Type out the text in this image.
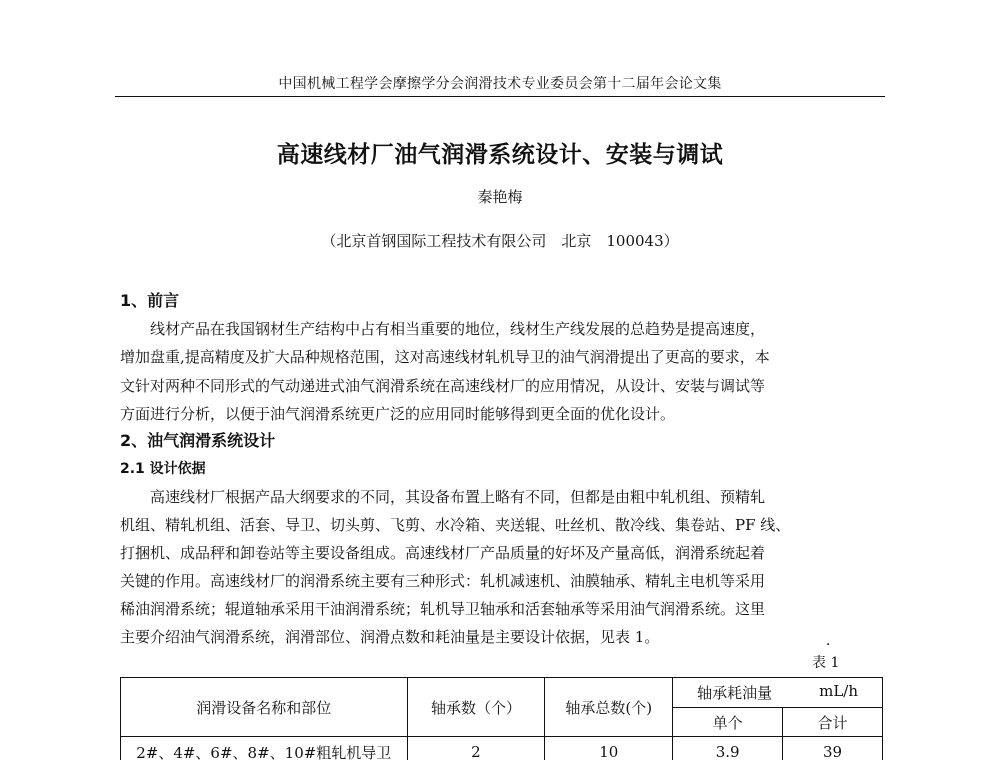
中国机械工程学会摩擦学分会润滑技术专业委员会第十二届年会论文集
高速线材厂油气润滑系统设计、安装与调试
秦艳梅
（北京首钢国际工程技术有限公司　北京　100043）
1、前言
线材产品在我国钢材生产结构中占有相当重要的地位，线材生产线发展的总趋势是提高速度，
增加盘重,提高精度及扩大品种规格范围，这对高速线材轧机导卫的油气润滑提出了更高的要求，本
文针对两种不同形式的气动递进式油气润滑系统在高速线材厂的应用情况，从设计、安装与调试等
方面进行分析，以便于油气润滑系统更广泛的应用同时能够得到更全面的优化设计。
2、油气润滑系统设计
2.1 设计依据
高速线材厂根据产品大纲要求的不同，其设备布置上略有不同，但都是由粗中轧机组、预精轧
机组、精轧机组、活套、导卫、切头剪、飞剪、水冷箱、夹送辊、吐丝机、散冷线、集卷站、PF 线、
打捆机、成品秤和卸卷站等主要设备组成。高速线材厂产品质量的好坏及产量高低，润滑系统起着
关键的作用。高速线材厂的润滑系统主要有三种形式：轧机减速机、油膜轴承、精轧主电机等采用
稀油润滑系统；辊道轴承采用干油润滑系统；轧机导卫轴承和活套轴承等采用油气润滑系统。这里
主要介绍油气润滑系统，润滑部位、润滑点数和耗油量是主要设计依据，见表 1。	．
表 1
润滑设备名称和部位	轴承数（个）	轴承总数(个)	轴承耗油量 mL/h	

			单个	合计
2#、4#、6#、8#、10#粗轧机导卫	2	10	3.9	39
